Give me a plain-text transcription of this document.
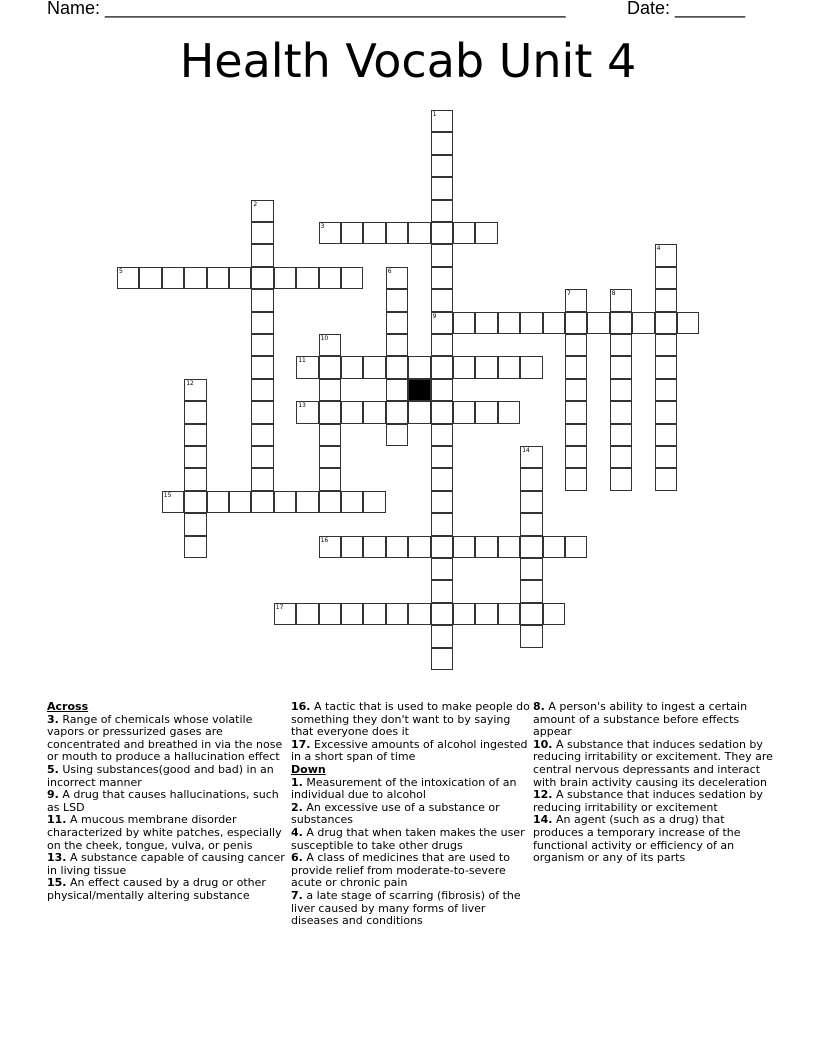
Name: ______________________________________________	Date: _______
Health Vocab Unit 4
1
9
2
3
4
5	6
7	8
10
11
12
13
14
15
16
17
Across
3. Range of chemicals whose volatile vapors or pressurized gases are concentrated and breathed in via the nose or mouth to produce a hallucination effect
5. Using substances(good and bad) in an incorrect manner
9. A drug that causes hallucinations, such as LSD
11. A mucous membrane disorder characterized by white patches, especially on the cheek, tongue, vulva, or penis
13. A substance capable of causing cancer in living tissue
15. An effect caused by a drug or other physical/mentally altering substance
16. A tactic that is used to make people do something they don't want to by saying that everyone does it
17. Excessive amounts of alcohol ingested in a short span of time
Down
1. Measurement of the intoxication of an individual due to alcohol
2. An excessive use of a substance or substances
4. A drug that when taken makes the user susceptible to take other drugs
6. A class of medicines that are used to provide relief from moderate-to-severe acute or chronic pain
7. a late stage of scarring (fibrosis) of the liver caused by many forms of liver diseases and conditions
8. A person's ability to ingest a certain amount of a substance before effects appear
10. A substance that induces sedation by reducing irritability or excitement. They are central nervous depressants and interact with brain activity causing its deceleration
12. A substance that induces sedation by reducing irritability or excitement
14. An agent (such as a drug) that produces a temporary increase of the functional activity or efficiency of an organism or any of its parts
